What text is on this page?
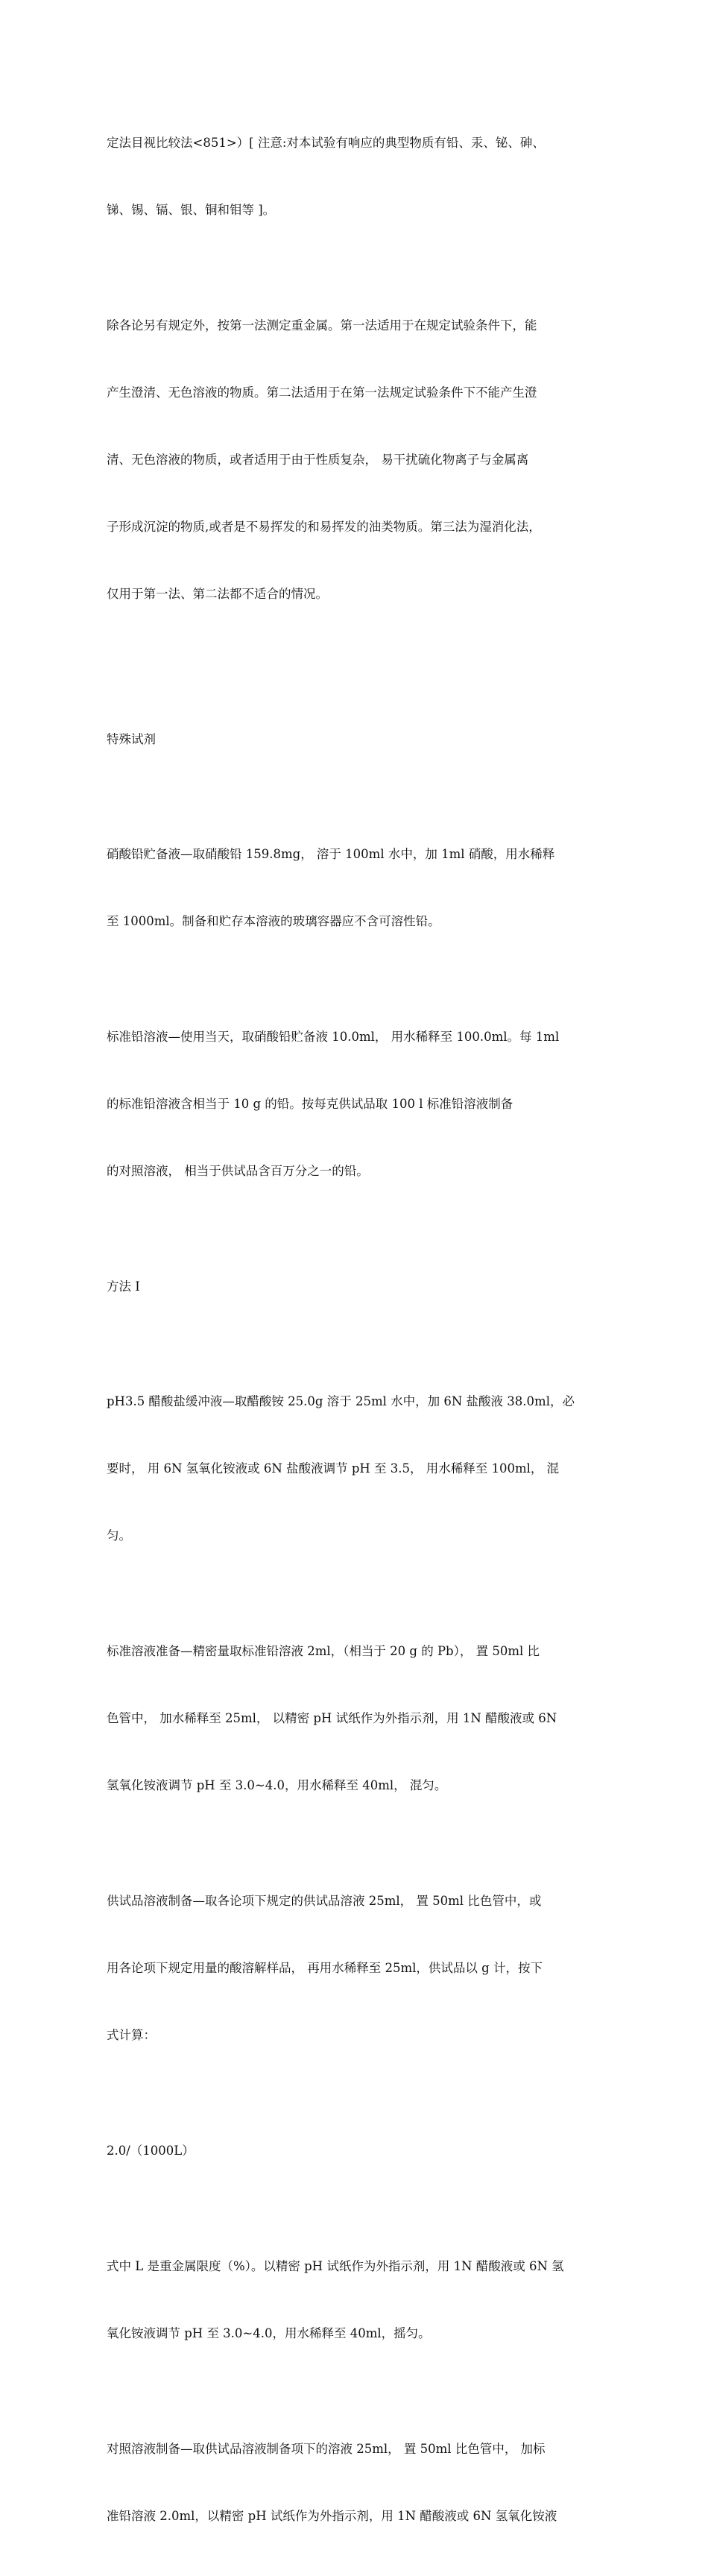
定法目视比较法<851>）[ 注意:对本试验有响应的典型物质有铅、汞、铋、砷、

锑、锡、镉、银、铜和钼等 ]。

除各论另有规定外，按第一法测定重金属。第一法适用于在规定试验条件下，能

产生澄清、无色溶液的物质。第二法适用于在第一法规定试验条件下不能产生澄

清、无色溶液的物质，或者适用于由于性质复杂， 易干扰硫化物离子与金属离

子形成沉淀的物质,或者是不易挥发的和易挥发的油类物质。第三法为湿消化法，

仅用于第一法、第二法都不适合的情况。

特殊试剂

硝酸铅贮备液—取硝酸铅 159.8mg， 溶于 100ml 水中，加 1ml 硝酸，用水稀释

至 1000ml。制备和贮存本溶液的玻璃容器应不含可溶性铅。

标准铅溶液—使用当天，取硝酸铅贮备液 10.0ml， 用水稀释至 100.0ml。每 1ml

的标准铅溶液含相当于 10 g 的铅。按每克供试品取 100 l 标准铅溶液制备

的对照溶液， 相当于供试品含百万分之一的铅。

方法 I

pH3.5 醋酸盐缓冲液—取醋酸铵 25.0g 溶于 25ml 水中，加 6N 盐酸液 38.0ml，必

要时， 用 6N 氢氧化铵液或 6N 盐酸液调节 pH 至 3.5， 用水稀释至 100ml， 混

匀。

标准溶液准备—精密量取标准铅溶液 2ml，（相当于 20 g 的 Pb）， 置 50ml 比

色管中， 加水稀释至 25ml， 以精密 pH 试纸作为外指示剂，用 1N 醋酸液或 6N

氢氧化铵液调节 pH 至 3.0~4.0，用水稀释至 40ml， 混匀。

供试品溶液制备—取各论项下规定的供试品溶液 25ml， 置 50ml 比色管中，或

用各论项下规定用量的酸溶解样品， 再用水稀释至 25ml，供试品以 g 计，按下

式计算：

2.0/（1000L）

式中 L 是重金属限度（%）。以精密 pH 试纸作为外指示剂，用 1N 醋酸液或 6N 氢

氧化铵液调节 pH 至 3.0~4.0，用水稀释至 40ml，摇匀。

对照溶液制备—取供试品溶液制备项下的溶液 25ml， 置 50ml 比色管中， 加标

准铅溶液 2.0ml，以精密 pH 试纸作为外指示剂，用 1N 醋酸液或 6N 氢氧化铵液
